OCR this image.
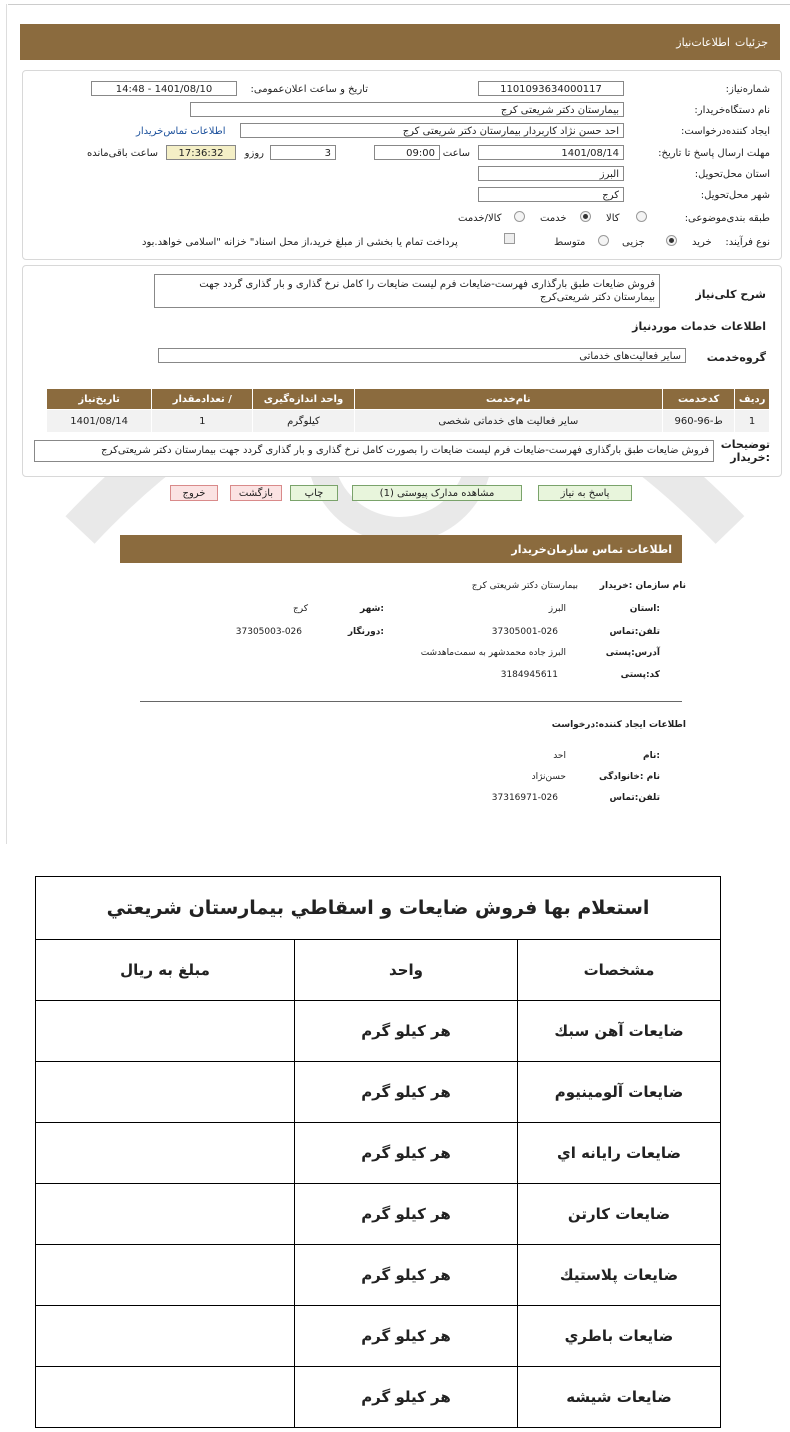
جزئیات
اطلاعات‌نیاز
شماره‌نیاز:
1101093634000117
تاریخ و ساعت اعلان‌عمومی:
1401/08/10 - 14:48
نام دستگاه‌خریدار:
بیمارستان دکتر شریعتی کرج
ایجاد کننده‌درخواست:
احد حسن نژاد کاربردار بیمارستان دکتر شریعتی کرج
اطلاعات تماس‌خریدار
مهلت ارسال پاسخ تا تاریخ:
1401/08/14
ساعت
09:00
3
روزو
17:36:32
ساعت باقی‌مانده
استان محل‌تحویل:
البرز
شهر محل‌تحویل:
کرج
طبقه بندی‌موضوعی:
کالا
خدمت
کالا/خدمت
نوع فرآیند:
خرید
جزیی
متوسط
پرداخت تمام یا بخشی از مبلغ خرید،از محل اسناد" خزانه "اسلامی خواهد.بود
شرح کلی‌نیاز
فروش ضایعات طبق بارگذاری فهرست-ضایعات فرم لیست ضایعات را کامل نرخ گذاری و بار گذاری گردد جهت بیمارستان دکتر شریعتی‌کرج
اطلاعات خدمات موردنیاز
گروه‌خدمت
سایر فعالیت‌های خدماتی
ردیف	کدخدمت	نام‌خدمت	واحد اندازه‌گیری	/ تعداد‌مقدار	تاریخ‌نیاز
1	ط-96-960	سایر فعالیت های خدماتی شخصی	کیلوگرم	1	1401/08/14
توضیحات :خریدار
فروش ضایعات طبق بارگذاری فهرست-ضایعات فرم لیست ضایعات را بصورت کامل نرخ گذاری و بار گذاری گردد جهت بیمارستان دکتر شریعتی‌کرج
پاسخ به نیاز
مشاهده مدارک پیوستی (1)
چاپ
بازگشت
خروج
اطلاعات تماس سازمان‌خریدار
نام سازمان‌ :خریدار
بیمارستان دکتر شریعتی کرج
:استان
البرز
:شهر
کرج
تلفن‌:تماس
37305001-026
:دورنگار
37305003-026
آدرس‌:پستی
البرز جاده محمدشهر به سمت‌ماهدشت
کد‌:پستی
3184945611
اطلاعات ایجاد کننده‌:درخواست
:نام
احد
نام :خانوادگی
حسن‌نژاد
تلفن‌:تماس
37316971-026
استعلام بها فروش ضايعات و اسقاطي بيمارستان شريعتي		
مشخصات	واحد	مبلغ به ريال
ضايعات آهن سبك	هر كيلو گرم	
ضايعات آلومينيوم	هر كيلو گرم	
ضايعات رايانه اي	هر كيلو گرم	
ضايعات كارتن	هر كيلو گرم	
ضايعات پلاستيك	هر كيلو گرم	
ضايعات باطري	هر كيلو گرم	
ضايعات شيشه	هر كيلو گرم	
